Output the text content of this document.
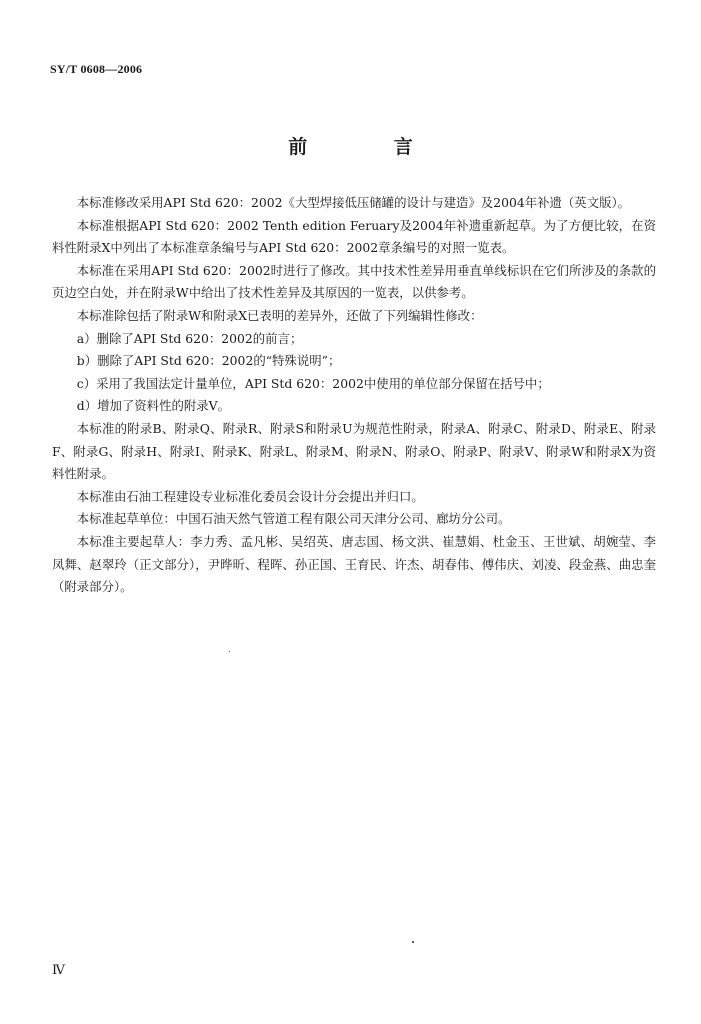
SY/T 0608—2006
前 言

本标准修改采用API Std 620：2002《大型焊接低压储罐的设计与建造》及2004年补遗（英文版）。

本标准根据API Std 620：2002 Tenth edition Feruary及2004年补遗重新起草。为了方便比较，在资料性附录X中列出了本标准章条编号与API Std 620：2002章条编号的对照一览表。

本标准在采用API Std 620：2002时进行了修改。其中技术性差异用垂直单线标识在它们所涉及的条款的页边空白处，并在附录W中给出了技术性差异及其原因的一览表，以供参考。

本标准除包括了附录W和附录X已表明的差异外，还做了下列编辑性修改：

a）删除了API Std 620：2002的前言；

b）删除了API Std 620：2002的“特殊说明”；

c）采用了我国法定计量单位，API Std 620：2002中使用的单位部分保留在括号中；

d）增加了资料性的附录V。

本标准的附录B、附录Q、附录R、附录S和附录U为规范性附录，附录A、附录C、附录D、附录E、附录F、附录G、附录H、附录I、附录K、附录L、附录M、附录N、附录O、附录P、附录V、附录W和附录X为资料性附录。

本标准由石油工程建设专业标准化委员会设计分会提出并归口。

本标准起草单位：中国石油天然气管道工程有限公司天津分公司、廊坊分公司。

本标准主要起草人：李力秀、孟凡彬、吴绍英、唐志国、杨文洪、崔慧娟、杜金玉、王世斌、胡婉莹、李凤舞、赵翠玲（正文部分），尹晔昕、程晖、孙正国、王育民、许杰、胡春伟、傅伟庆、刘凌、段金燕、曲忠奎（附录部分）。

Ⅳ
